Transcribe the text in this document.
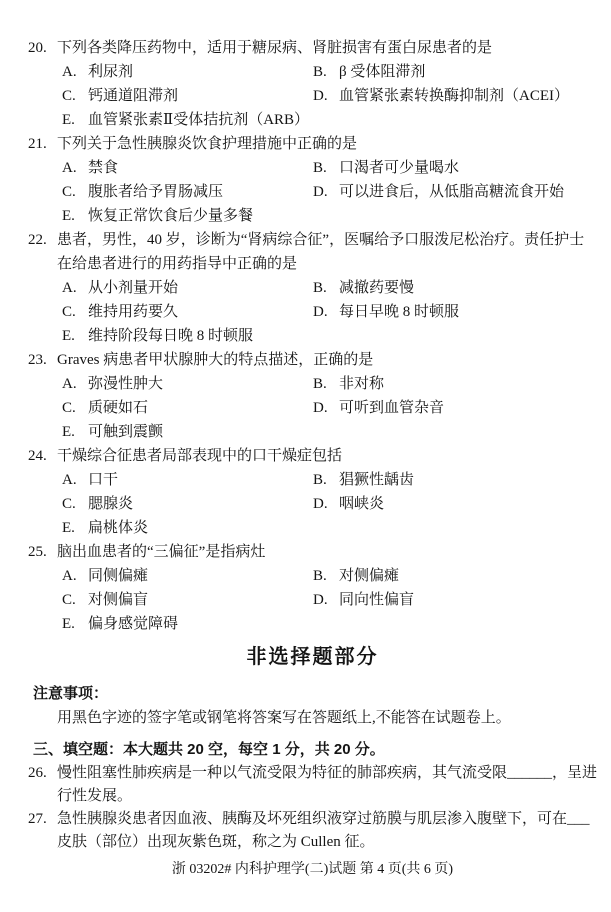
20. 下列各类降压药物中，适用于糖尿病、肾脏损害有蛋白尿患者的是
A. 利尿剂	B. β 受体阻滞剂
C. 钙通道阻滞剂	D. 血管紧张素转换酶抑制剂（ACEI）
E. 血管紧张素Ⅱ受体拮抗剂（ARB）
21. 下列关于急性胰腺炎饮食护理措施中正确的是
A. 禁食	B. 口渴者可少量喝水
C. 腹胀者给予胃肠减压	D. 可以进食后，从低脂高糖流食开始
E. 恢复正常饮食后少量多餐
22. 患者，男性，40 岁，诊断为“肾病综合征”，医嘱给予口服泼尼松治疗。责任护士在给患者进行的用药指导中正确的是
A. 从小剂量开始	B. 减撤药要慢
C. 维持用药要久	D. 每日早晚 8 时顿服
E. 维持阶段每日晚 8 时顿服
23. Graves 病患者甲状腺肿大的特点描述，正确的是
A. 弥漫性肿大	B. 非对称
C. 质硬如石	D. 可听到血管杂音
E. 可触到震颤
24. 干燥综合征患者局部表现中的口干燥症包括
A. 口干	B. 猖獗性龋齿
C. 腮腺炎	D. 咽峡炎
E. 扁桃体炎
25. 脑出血患者的“三偏征”是指病灶
A. 同侧偏瘫	B. 对侧偏瘫
C. 对侧偏盲	D. 同向性偏盲
E. 偏身感觉障碍
非选择题部分
注意事项：
用黑色字迹的签字笔或钢笔将答案写在答题纸上,不能答在试题卷上。
三、填空题：本大题共 20 空，每空 1 分，共 20 分。
26. 慢性阻塞性肺疾病是一种以气流受限为特征的肺部疾病，其气流受限______，呈进行性发展。
27. 急性胰腺炎患者因血液、胰酶及坏死组织液穿过筋膜与肌层渗入腹壁下，可在___ 皮肤（部位）出现灰紫色斑，称之为 Cullen 征。
浙 03202# 内科护理学(二)试题 第 4 页(共 6 页)
